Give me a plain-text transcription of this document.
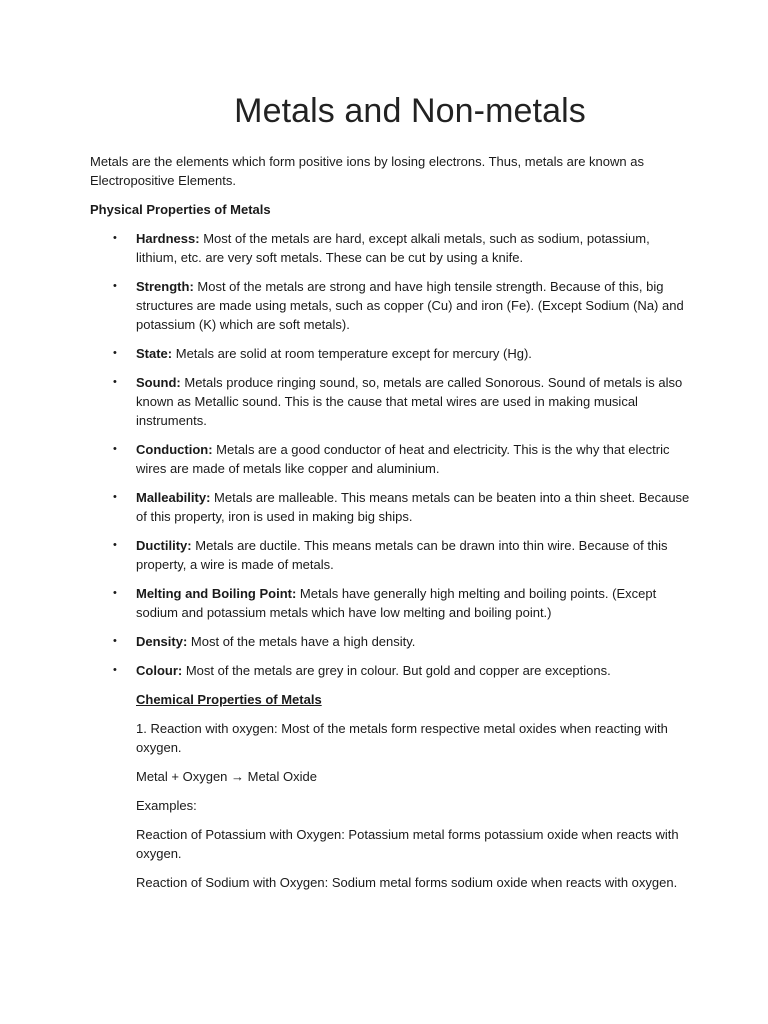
Metals and Non-metals

Metals are the elements which form positive ions by losing electrons. Thus, metals are known as Electropositive Elements.

Physical Properties of Metals

• Hardness: Most of the metals are hard, except alkali metals, such as sodium, potassium, lithium, etc. are very soft metals. These can be cut by using a knife.
• Strength: Most of the metals are strong and have high tensile strength. Because of this, big structures are made using metals, such as copper (Cu) and iron (Fe). (Except Sodium (Na) and potassium (K) which are soft metals).
• State: Metals are solid at room temperature except for mercury (Hg).
• Sound: Metals produce ringing sound, so, metals are called Sonorous. Sound of metals is also known as Metallic sound. This is the cause that metal wires are used in making musical instruments.
• Conduction: Metals are a good conductor of heat and electricity. This is the why that electric wires are made of metals like copper and aluminium.
• Malleability: Metals are malleable. This means metals can be beaten into a thin sheet. Because of this property, iron is used in making big ships.
• Ductility: Metals are ductile. This means metals can be drawn into thin wire. Because of this property, a wire is made of metals.
• Melting and Boiling Point: Metals have generally high melting and boiling points. (Except sodium and potassium metals which have low melting and boiling point.)
• Density: Most of the metals have a high density.
• Colour: Most of the metals are grey in colour. But gold and copper are exceptions.

Chemical Properties of Metals

1. Reaction with oxygen: Most of the metals form respective metal oxides when reacting with oxygen.

Metal + Oxygen → Metal Oxide

Examples:

Reaction of Potassium with Oxygen: Potassium metal forms potassium oxide when reacts with oxygen.

Reaction of Sodium with Oxygen: Sodium metal forms sodium oxide when reacts with oxygen.
